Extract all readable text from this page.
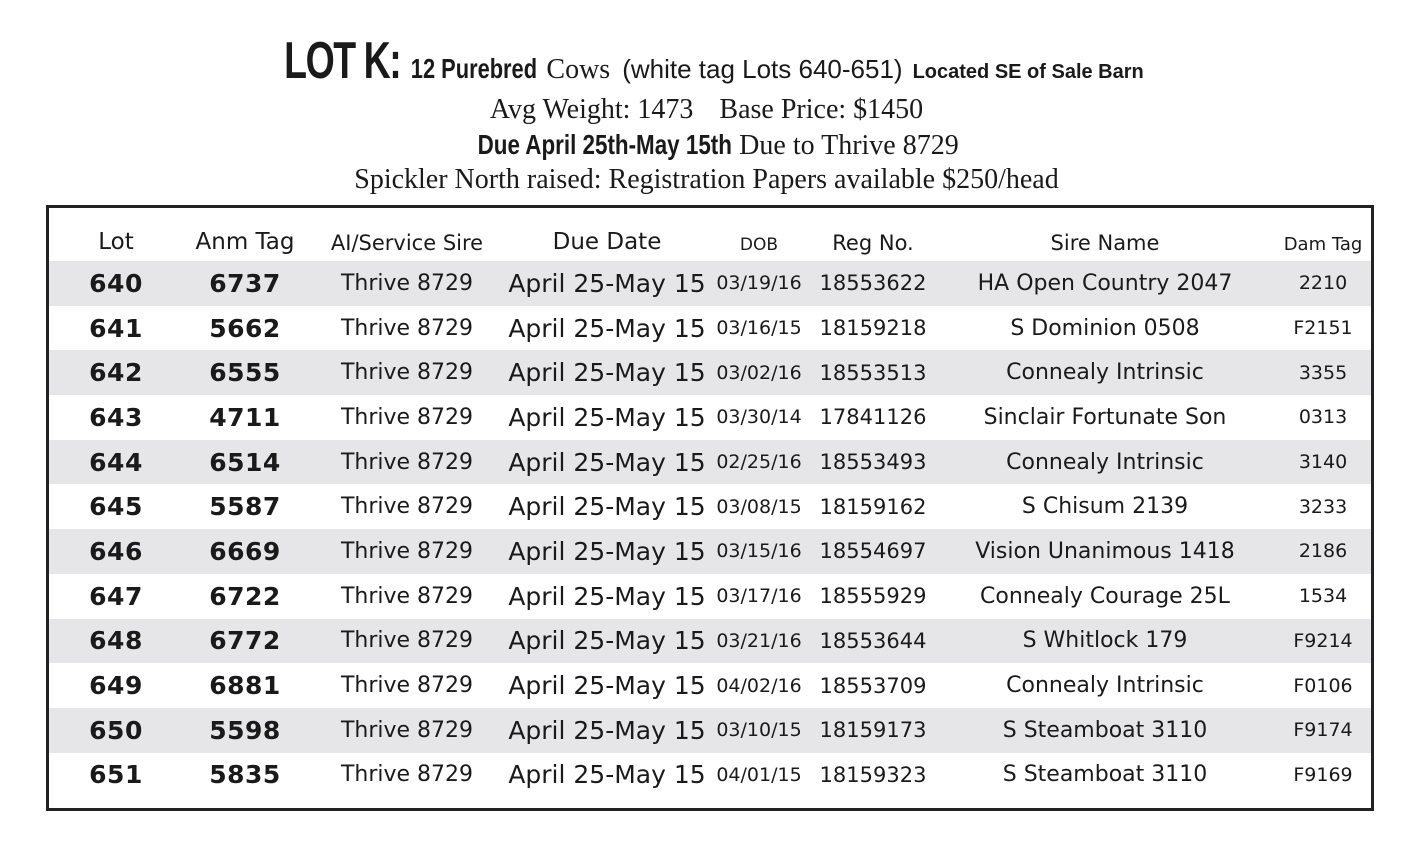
LOT K: 12 Purebred Cows (white tag Lots 640-651) Located SE of Sale Barn
Avg Weight: 1473 Base Price: $1450
Due April 25th-May 15th Due to Thrive 8729
Spickler North raised: Registration Papers available $250/head
Lot	Anm Tag	AI/Service Sire	Due Date	DOB	Reg No.	Sire Name	Dam Tag
640	6737	Thrive 8729	April 25-May 15	03/19/16	18553622	HA Open Country 2047	2210
641	5662	Thrive 8729	April 25-May 15	03/16/15	18159218	S Dominion 0508	F2151
642	6555	Thrive 8729	April 25-May 15	03/02/16	18553513	Connealy Intrinsic	3355
643	4711	Thrive 8729	April 25-May 15	03/30/14	17841126	Sinclair Fortunate Son	0313
644	6514	Thrive 8729	April 25-May 15	02/25/16	18553493	Connealy Intrinsic	3140
645	5587	Thrive 8729	April 25-May 15	03/08/15	18159162	S Chisum 2139	3233
646	6669	Thrive 8729	April 25-May 15	03/15/16	18554697	Vision Unanimous 1418	2186
647	6722	Thrive 8729	April 25-May 15	03/17/16	18555929	Connealy Courage 25L	1534
648	6772	Thrive 8729	April 25-May 15	03/21/16	18553644	S Whitlock 179	F9214
649	6881	Thrive 8729	April 25-May 15	04/02/16	18553709	Connealy Intrinsic	F0106
650	5598	Thrive 8729	April 25-May 15	03/10/15	18159173	S Steamboat 3110	F9174
651	5835	Thrive 8729	April 25-May 15	04/01/15	18159323	S Steamboat 3110	F9169
